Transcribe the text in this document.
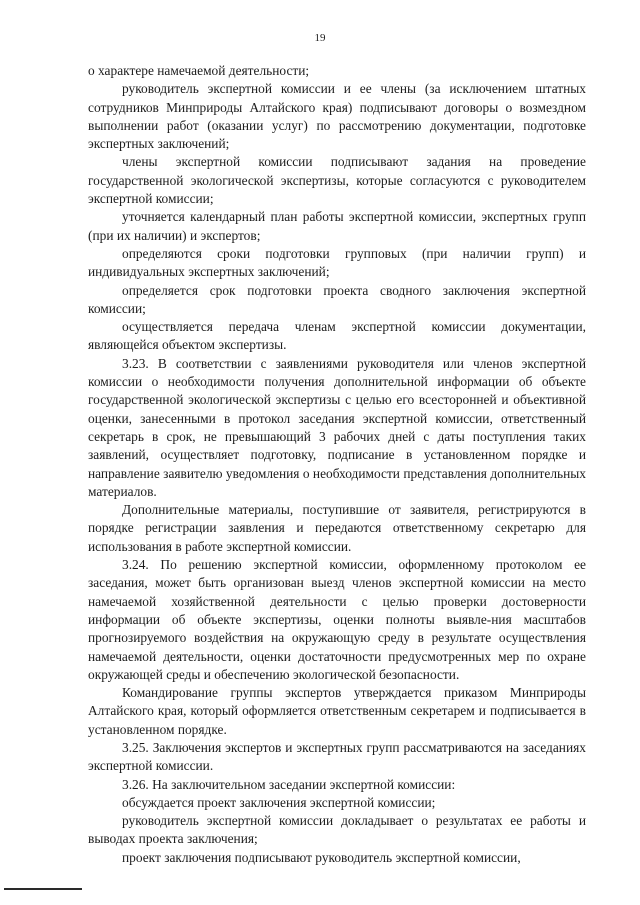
19

о характере намечаемой деятельности;

руководитель экспертной комиссии и ее члены (за исключением штатных сотрудников Минприроды Алтайского края) подписывают договоры о возмездном выполнении работ (оказании услуг) по рассмотрению документации, подготовке экспертных заключений;

члены экспертной комиссии подписывают задания на проведение государственной экологической экспертизы, которые согласуются с руководителем экспертной комиссии;

уточняется календарный план работы экспертной комиссии, экспертных групп (при их наличии) и экспертов;

определяются сроки подготовки групповых (при наличии групп) и индивидуальных экспертных заключений;

определяется срок подготовки проекта сводного заключения экспертной комиссии;

осуществляется передача членам экспертной комиссии документации, являющейся объектом экспертизы.

3.23. В соответствии с заявлениями руководителя или членов экспертной комиссии о необходимости получения дополнительной информации об объекте государственной экологической экспертизы с целью его всесторонней и объективной оценки, занесенными в протокол заседания экспертной комиссии, ответственный секретарь в срок, не превышающий 3 рабочих дней с даты поступления таких заявлений, осуществляет подготовку, подписание в установленном порядке и направление заявителю уведомления о необходимости представления дополнительных материалов.

Дополнительные материалы, поступившие от заявителя, регистрируются в порядке регистрации заявления и передаются ответственному секретарю для использования в работе экспертной комиссии.

3.24. По решению экспертной комиссии, оформленному протоколом ее заседания, может быть организован выезд членов экспертной комиссии на место намечаемой хозяйственной деятельности с целью проверки достоверности информации об объекте экспертизы, оценки полноты выявле-ния масштабов прогнозируемого воздействия на окружающую среду в результате осуществления намечаемой деятельности, оценки достаточности предусмотренных мер по охране окружающей среды и обеспечению экологической безопасности.

Командирование группы экспертов утверждается приказом Минприроды Алтайского края, который оформляется ответственным секретарем и подписывается в установленном порядке.

3.25. Заключения экспертов и экспертных групп рассматриваются на заседаниях экспертной комиссии.

3.26. На заключительном заседании экспертной комиссии:

обсуждается проект заключения экспертной комиссии;

руководитель экспертной комиссии докладывает о результатах ее работы и выводах проекта заключения;

проект заключения подписывают руководитель экспертной комиссии,
